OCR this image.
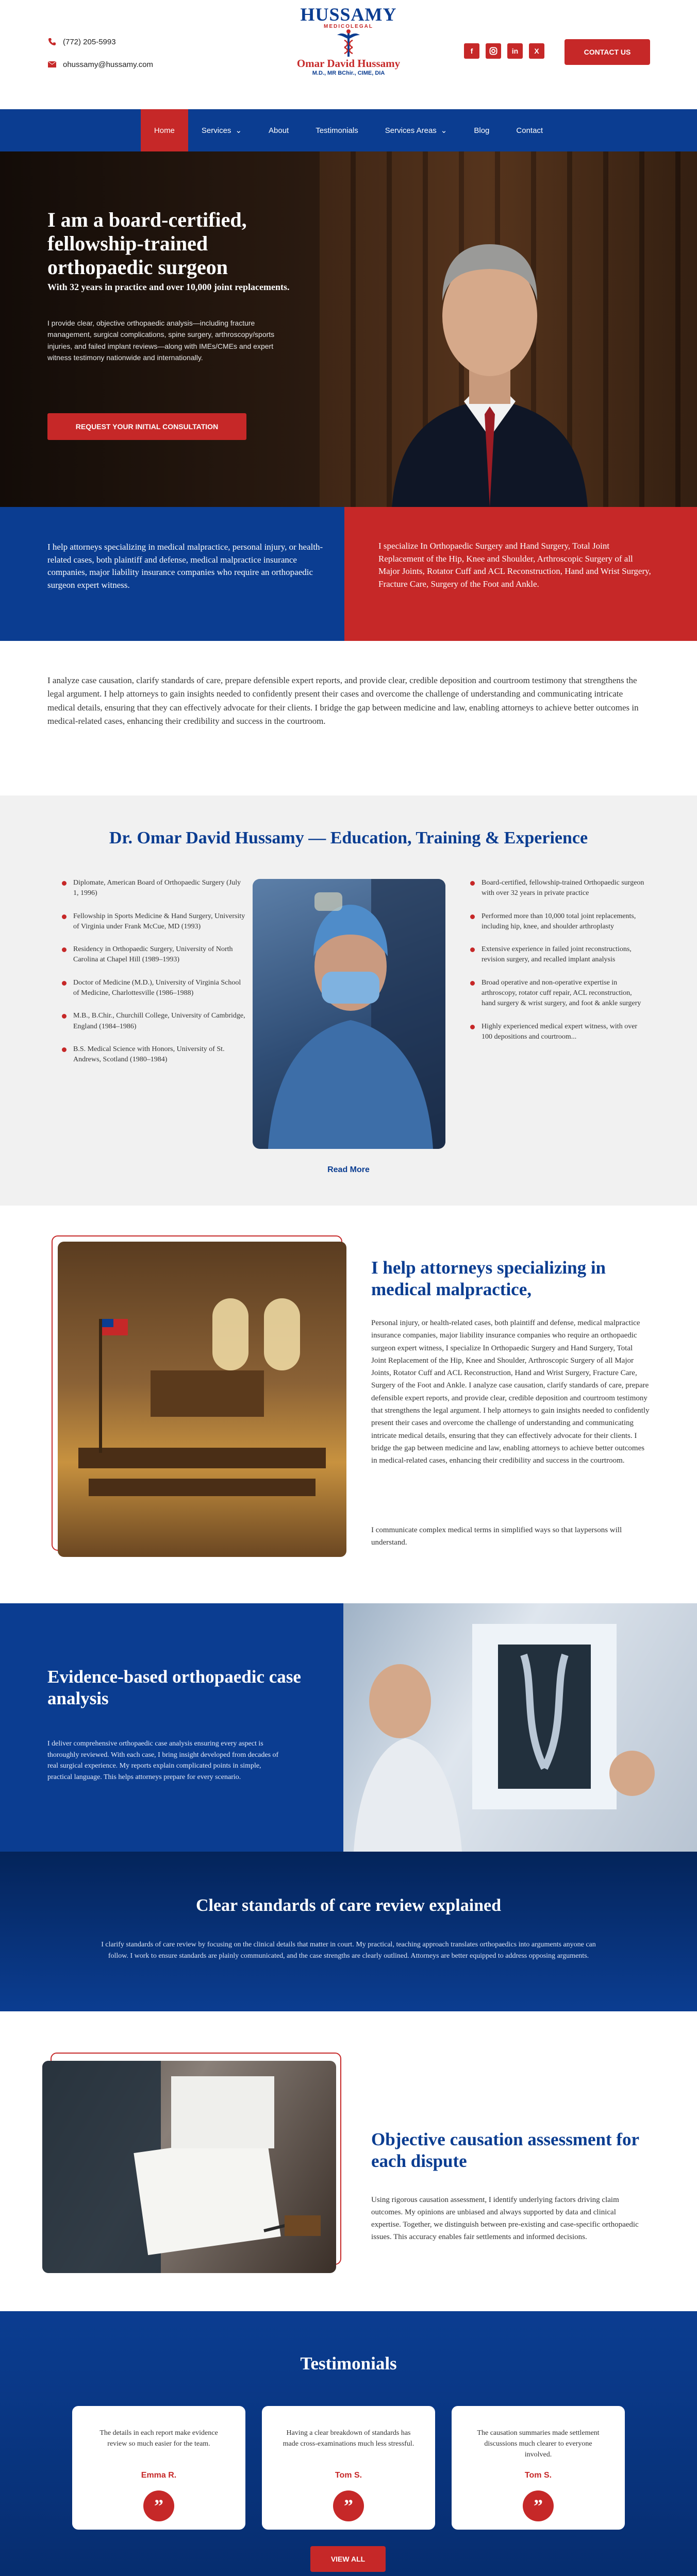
(772) 205-5993
ohussamy@hussamy.com
HUSSAMY
MEDICOLEGAL
Omar David Hussamy
M.D., MR BChir., CIME, DIA
f	in	X	CONTACT US
Home	Services ⌄	About	Testimonials	Services Areas ⌄	Blog	Contact
I am a board-certified, fellowship-trained orthopaedic surgeon

With 32 years in practice and over 10,000 joint replacements.

I provide clear, objective orthopaedic analysis—including fracture management, surgical complications, spine surgery, arthroscopy/sports injuries, and failed implant reviews—along with IMEs/CMEs and expert witness testimony nationwide and internationally.

REQUEST YOUR INITIAL CONSULTATION
I help attorneys specializing in medical malpractice, personal injury, or health-related cases, both plaintiff and defense, medical malpractice insurance companies, major liability insurance companies who require an orthopaedic surgeon expert witness.
I specialize In Orthopaedic Surgery and Hand Surgery, Total Joint Replacement of the Hip, Knee and Shoulder, Arthroscopic Surgery of all Major Joints, Rotator Cuff and ACL Reconstruction, Hand and Wrist Surgery, Fracture Care, Surgery of the Foot and Ankle.

I analyze case causation, clarify standards of care, prepare defensible expert reports, and provide clear, credible deposition and courtroom testimony that strengthens the legal argument. I help attorneys to gain insights needed to confidently present their cases and overcome the challenge of understanding and communicating intricate medical details, ensuring that they can effectively advocate for their clients. I bridge the gap between medicine and law, enabling attorneys to achieve better outcomes in medical-related cases, enhancing their credibility and success in the courtroom.

Dr. Omar David Hussamy — Education, Training & Experience
Diplomate, American Board of Orthopaedic Surgery (July 1, 1996)
Fellowship in Sports Medicine & Hand Surgery, University of Virginia under Frank McCue, MD (1993)
Residency in Orthopaedic Surgery, University of North Carolina at Chapel Hill (1989–1993)
Doctor of Medicine (M.D.), University of Virginia School of Medicine, Charlottesville (1986–1988)
M.B., B.Chir., Churchill College, University of Cambridge, England (1984–1986)
B.S. Medical Science with Honors, University of St. Andrews, Scotland (1980–1984)
Board-certified, fellowship-trained Orthopaedic surgeon with over 32 years in private practice
Performed more than 10,000 total joint replacements, including hip, knee, and shoulder arthroplasty
Extensive experience in failed joint reconstructions, revision surgery, and recalled implant analysis
Broad operative and non-operative expertise in arthroscopy, rotator cuff repair, ACL reconstruction, hand surgery & wrist surgery, and foot & ankle surgery
Highly experienced medical expert witness, with over 100 depositions and courtroom...
Read More
I help attorneys specializing in medical malpractice,

Personal injury, or health-related cases, both plaintiff and defense, medical malpractice insurance companies, major liability insurance companies who require an orthopaedic surgeon expert witness, I specialize In Orthopaedic Surgery and Hand Surgery, Total Joint Replacement of the Hip, Knee and Shoulder, Arthroscopic Surgery of all Major Joints, Rotator Cuff and ACL Reconstruction, Hand and Wrist Surgery, Fracture Care, Surgery of the Foot and Ankle. I analyze case causation, clarify standards of care, prepare defensible expert reports, and provide clear, credible deposition and courtroom testimony that strengthens the legal argument. I help attorneys to gain insights needed to confidently present their cases and overcome the challenge of understanding and communicating intricate medical details, ensuring that they can effectively advocate for their clients. I bridge the gap between medicine and law, enabling attorneys to achieve better outcomes in medical-related cases, enhancing their credibility and success in the courtroom.

I communicate complex medical terms in simplified ways so that laypersons will understand.

Evidence-based orthopaedic case analysis

I deliver comprehensive orthopaedic case analysis ensuring every aspect is thoroughly reviewed. With each case, I bring insight developed from decades of real surgical experience. My reports explain complicated points in simple, practical language. This helps attorneys prepare for every scenario.

Clear standards of care review explained

I clarify standards of care review by focusing on the clinical details that matter in court. My practical, teaching approach translates orthopaedics into arguments anyone can follow. I work to ensure standards are plainly communicated, and the case strengths are clearly outlined. Attorneys are better equipped to address opposing arguments.

Objective causation assessment for each dispute

Using rigorous causation assessment, I identify underlying factors driving claim outcomes. My opinions are unbiased and always supported by data and clinical expertise. Together, we distinguish between pre-existing and case-specific orthopaedic issues. This accuracy enables fair settlements and informed decisions.

Testimonials

The details in each report make evidence review so much easier for the team.

Emma R.
”

Having a clear breakdown of standards has made cross-examinations much less stressful.

Tom S.
”

The causation summaries made settlement discussions much clearer to everyone involved.

Tom S.
”
VIEW ALL
